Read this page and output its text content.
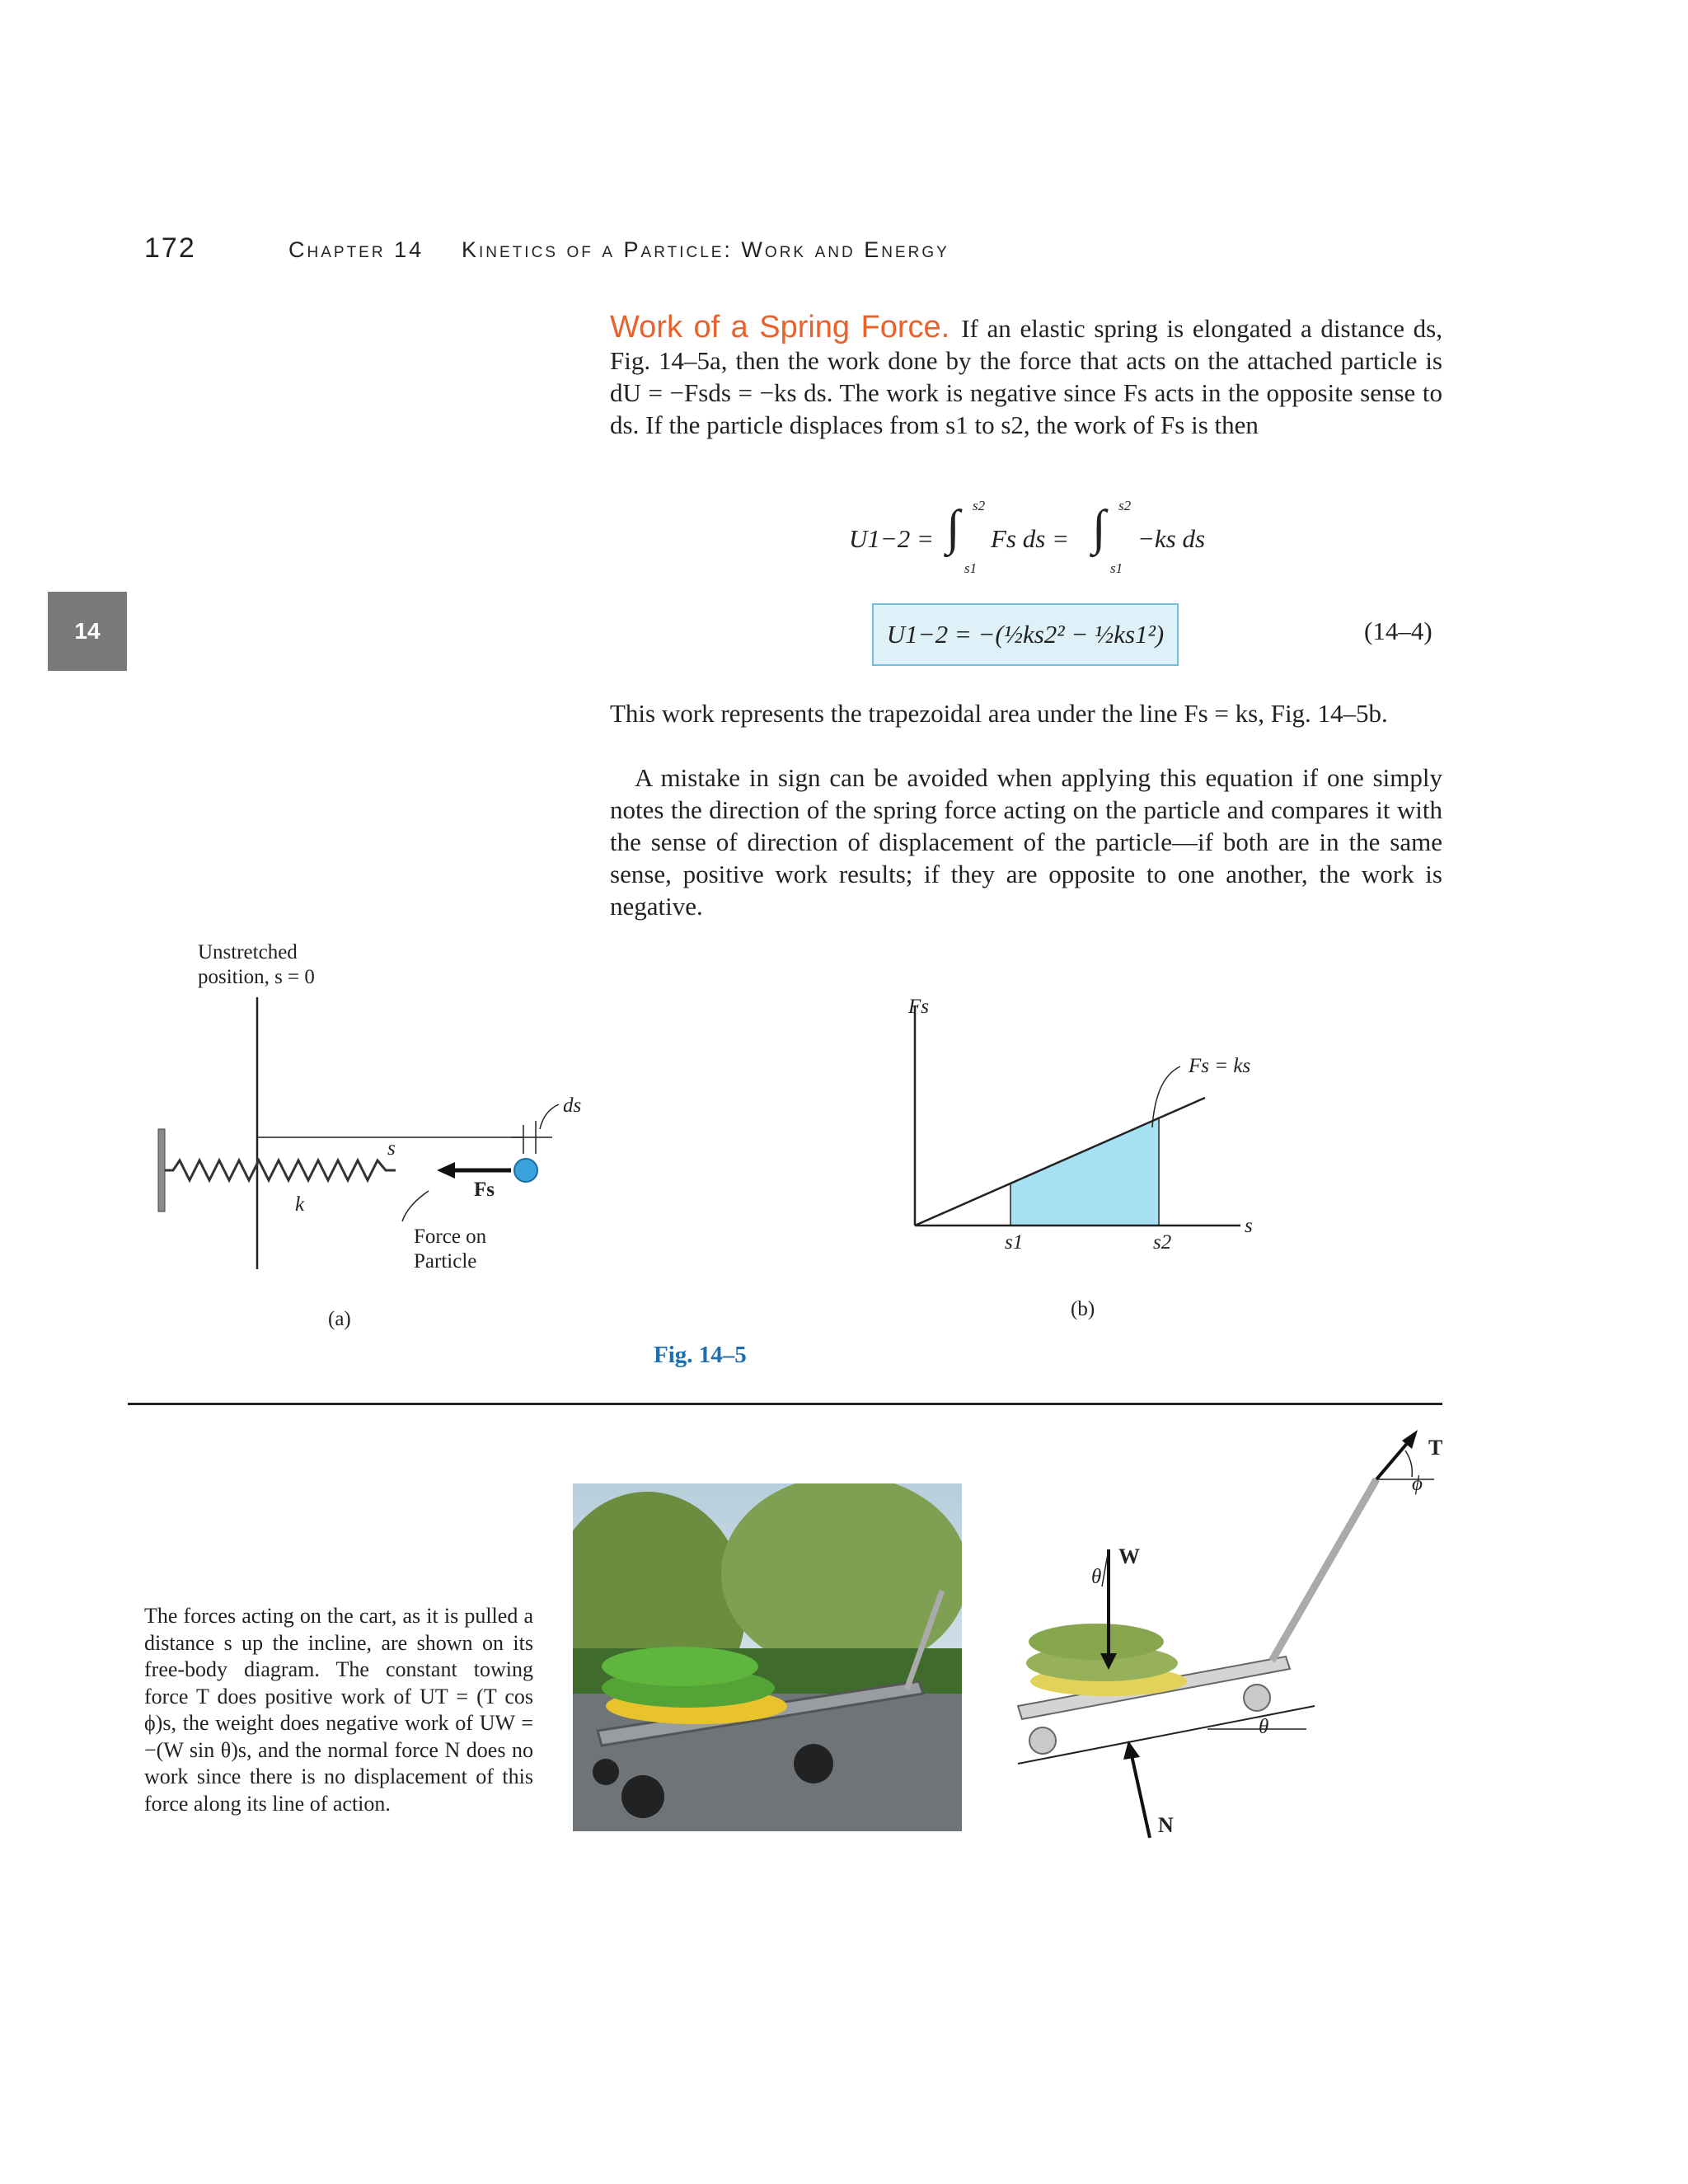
172	Chapter 14 Kinetics of a Particle: Work and Energy
14
Work of a Spring Force. If an elastic spring is elongated a distance ds, Fig. 14–5a, then the work done by the force that acts on the attached particle is dU = −Fsds = −ks ds. The work is negative since Fs acts in the opposite sense to ds. If the particle displaces from s1 to s2, the work of Fs is then
U1−2 = ∫ s2
s1
Fs ds = ∫ s2
s1
−ks ds
U1−2 = −(½ks2² − ½ks1²)	(14–4)
This work represents the trapezoidal area under the line Fs = ks, Fig. 14–5b.
A mistake in sign can be avoided when applying this equation if one simply notes the direction of the spring force acting on the particle and compares it with the sense of direction of displacement of the particle—if both are in the same sense, positive work results; if they are opposite to one another, the work is negative.
Unstretched
position, s = 0
s
ds
k
Fs
Force on
Particle
(a)
Fs
Fs = ks
s
s1	s2
(b)
Fig. 14–5
The forces acting on the cart, as it is pulled a distance s up the incline, are shown on its free-body diagram. The constant towing force T does positive work of UT = (T cos ϕ)s, the weight does negative work of UW = −(W sin θ)s, and the normal force N does no work since there is no displacement of this force along its line of action.
T
ϕ
W
θ
θ
N
